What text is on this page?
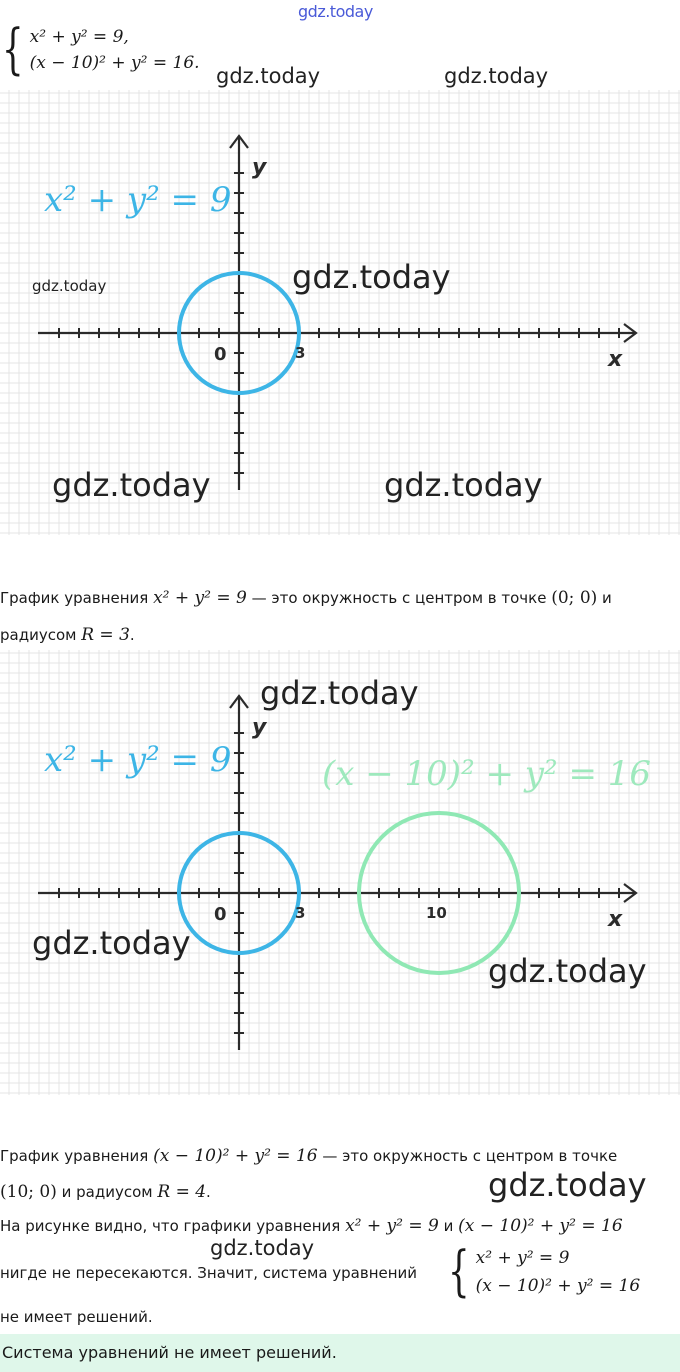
gdz.today
{ x² + y² = 9,
(x − 10)² + y² = 16.
gdz.today	gdz.today
y
x
0	3
x² + y² = 9
gdz.today	gdz.today
gdz.today	gdz.today
График уравнения x² + y² = 9 — это окружность с центром в точке (0; 0) и
радиусом R = 3.
y
x
0	3	10
gdz.today
x² + y² = 9	(x − 10)² + y² = 16
gdz.today
gdz.today
График уравнения (x − 10)² + y² = 16 — это окружность с центром в точке
(10; 0) и радиусом R = 4.	gdz.today
На рисунке видно, что графики уравнения x² + y² = 9 и (x − 10)² + y² = 16
gdz.today
нигде не пересекаются. Значит, система уравнений { x² + y² = 9
(x − 10)² + y² = 16
не имеет решений.
Система уравнений не имеет решений.
